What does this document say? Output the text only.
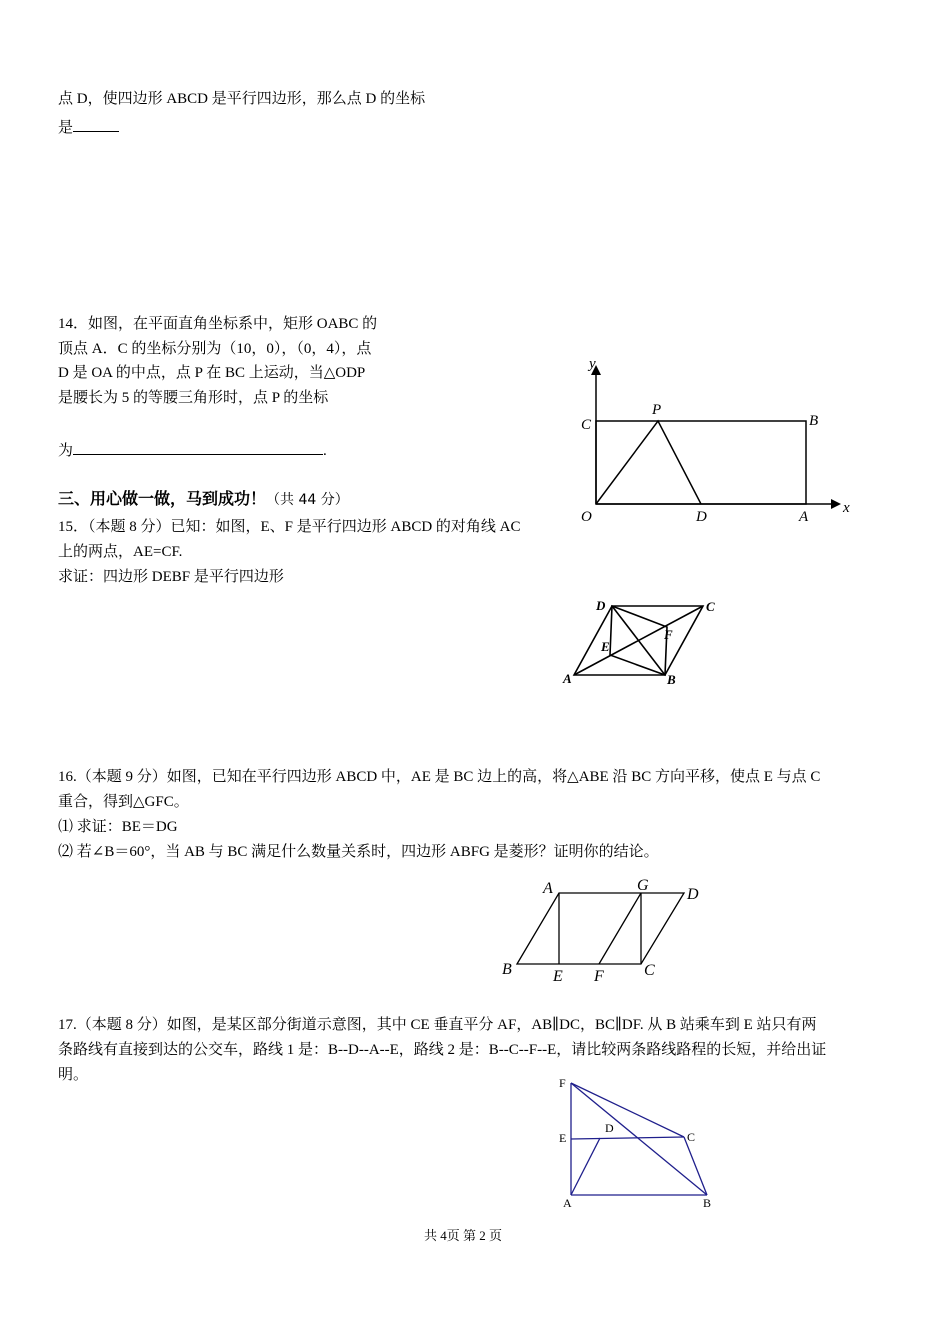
点 D，使四边形 ABCD 是平行四边形，那么点 D 的坐标
是
14．如图，在平面直角坐标系中，矩形 OABC 的
顶点 A．C 的坐标分别为（10，0），（0，4），点
D 是 OA 的中点，点 P 在 BC 上运动，当△ODP
是腰长为 5 的等腰三角形时，点 P 的坐标
为	.
y
x
O
C
P
B
D	A
三、用心做一做，马到成功！（共 44 分）
15．（本题 8 分）已知：如图，E、F 是平行四边形 ABCD 的对角线 AC
上的两点，AE=CF.
求证：四边形 DEBF 是平行四边形
D	C
F
E
A	B
16.（本题 9 分）如图，已知在平行四边形 ABCD 中，AE 是 BC 边上的高，将△ABE 沿 BC 方向平移，使点 E 与点 C
重合，得到△GFC。
⑴ 求证：BE＝DG
⑵ 若∠B＝60°，当 AB 与 BC 满足什么数量关系时，四边形 ABFG 是菱形？证明你的结论。
A	G
D
B	E F	C
17.（本题 8 分）如图，是某区部分街道示意图，其中 CE 垂直平分 AF，AB∥DC，BC∥DF. 从 B 站乘车到 E 站只有两
条路线有直接到达的公交车，路线 1 是：B--D--A--E，路线 2 是：B--C--F--E，请比较两条路线路程的长短，并给出证
明。	F
E
D
C
A	B
共 4页 第 2 页
